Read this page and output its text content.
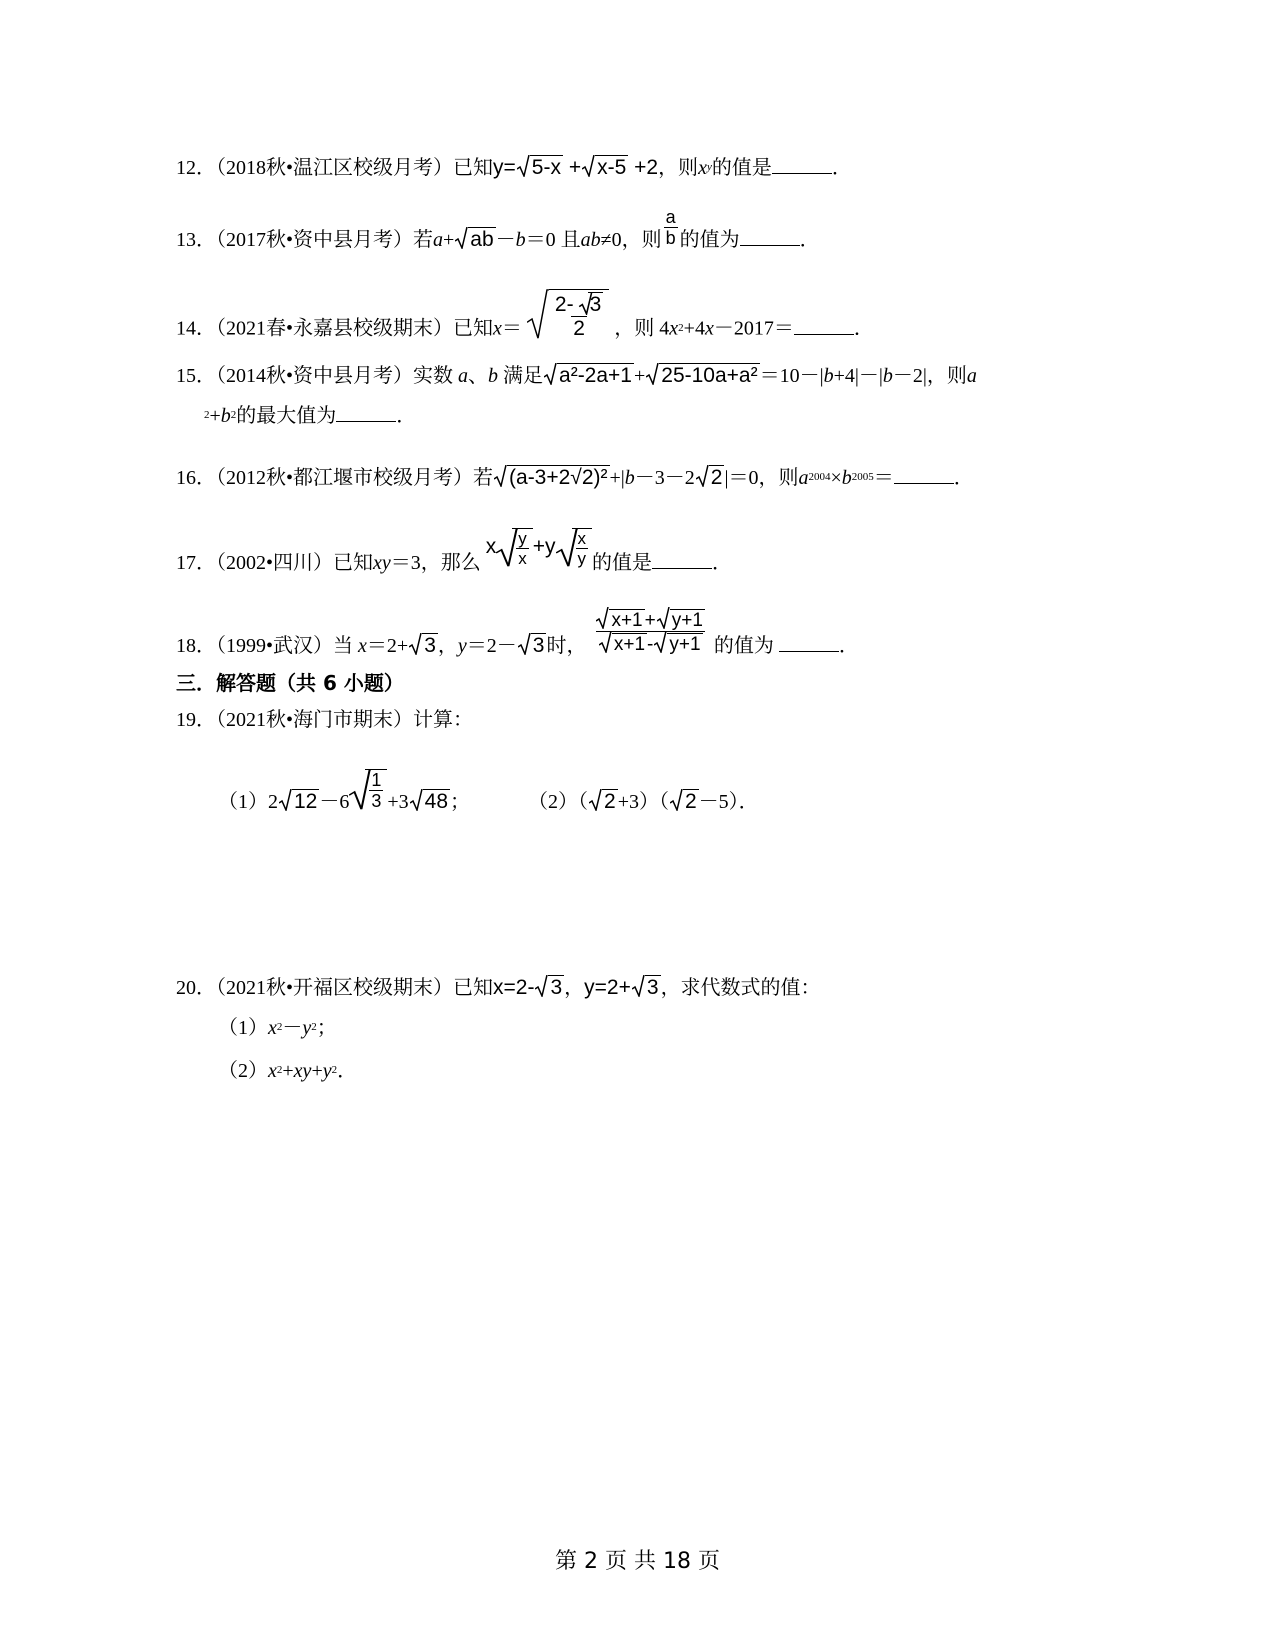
12．（2018秋•温江区校级月考）已知y= 5-x + x-5 +2，则$x^y$的值是	．
13．（2017秋•资中县月考）若a+ ab －b＝0 且ab≠0，则 $\frac{a}{b}$ 的值为	．
14．（2021春•永嘉县校级期末）已知$x= \frac{2- 3}{2}$ ，则 $4x^2+4x-2017=$	．
15．（2014秋•资中县月考）实数 a、b 满足 a²-2a+1 + 25-10a+a² ＝10－|b+4|－|b－2|，则a
$^2+b^2$的最大值为	．
16．（2012秋•都江堰市校级月考）若 (a-3+2√2)² +|b－3－2 2 |＝0，则$a^{2004}\times b^{2005}=$	．
17．（2002•四川）已知xy＝3，那么 x $\frac{y}{x} +y \frac{x}{y}$ 的值是	．
18．（1999•武汉）当 x＝2+ 3 ，y＝2－ 3 时， $\frac{x+1 + y+1}{x+1 - y+1}$ 的值为	．
三．解答题（共 6 小题）
19．（2021秋•海门市期末）计算：
（1）2 $12 -6 \frac{1}{3} +3$ 48 ；	（2）（ 2 +3）（ 2 －5）．
20．（2021秋•开福区校级期末）已知x=2- 3 ，y=2+ 3 ，求代数式的值：
$(1)x^2-y^2$；
$(2)x^2+xy+y^2$．
第 2 页 共 18 页
